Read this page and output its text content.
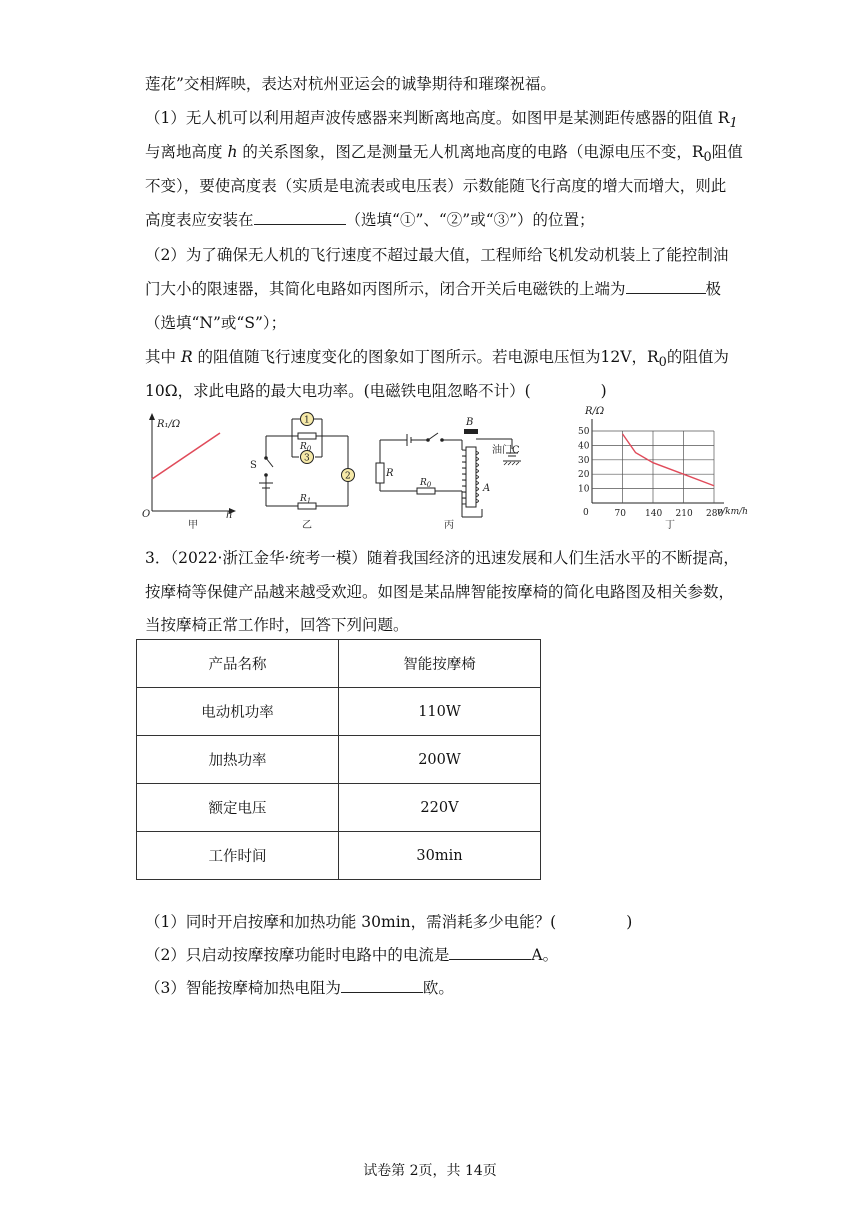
莲花”交相辉映，表达对杭州亚运会的诚挚期待和璀璨祝福。
（1）无人机可以利用超声波传感器来判断离地高度。如图甲是某测距传感器的阻值 $R_1$
与离地高度 h 的关系图象，图乙是测量无人机离地高度的电路（电源电压不变，$R_0$阻值
不变），要使高度表（实质是电流表或电压表）示数能随飞行高度的增大而增大，则此
高度表应安装在	（选填“①”、“②”或“③”）的位置；
（2）为了确保无人机的飞行速度不超过最大值，工程师给飞机发动机装上了能控制油
门大小的限速器，其简化电路如丙图所示，闭合开关后电磁铁的上端为	极
（选填“N”或“S”）；
其中 R 的阻值随飞行速度变化的图象如丁图所示。若电源电压恒为12V，$R_0$的阻值为
10Ω，求此电路的最大电功率。(电磁铁电阻忽略不计）(	)
R₁/Ω
O	h
甲
1
3
2
$R_0$
$R_1$
S
乙
B
A
R
$R_0$
油门C
丙
R/Ω
v/km/h
丁
50
40
30
20
10
0	70 140 210 280
3．（2022·浙江金华·统考一模）随着我国经济的迅速发展和人们生活水平的不断提高，
按摩椅等保健产品越来越受欢迎。如图是某品牌智能按摩椅的简化电路图及相关参数，
当按摩椅正常工作时，回答下列问题。
产品名称	智能按摩椅
电动机功率	110W
加热功率	200W
额定电压	220V
工作时间	30min
（1）同时开启按摩和加热功能 30min，需消耗多少电能？(	)
（2）只启动按摩按摩功能时电路中的电流是	A。
（3）智能按摩椅加热电阻为	欧。
试卷第 2页，共 14页
